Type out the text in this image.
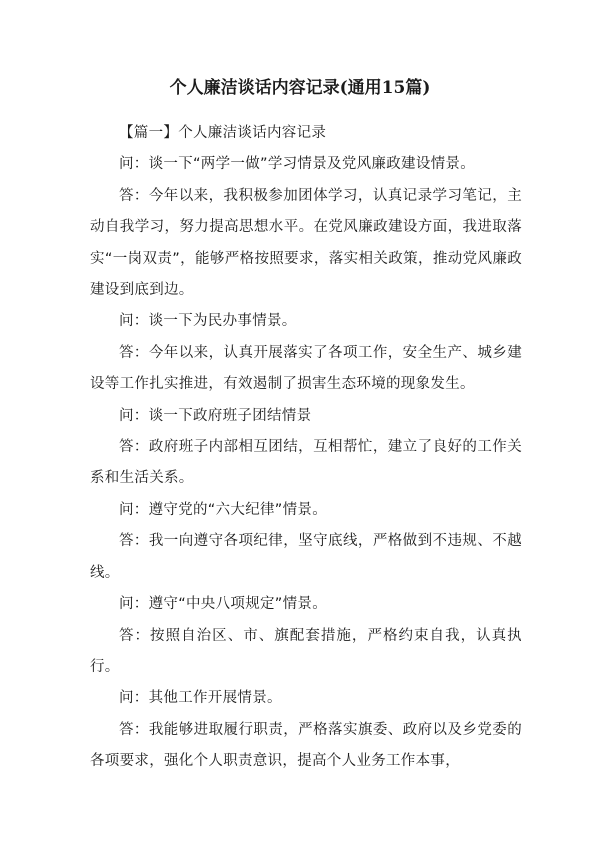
个人廉洁谈话内容记录(通用15篇)

【篇一】个人廉洁谈话内容记录

问：谈一下“两学一做”学习情景及党风廉政建设情景。

答：今年以来，我积极参加团体学习，认真记录学习笔记，主动自我学习，努力提高思想水平。在党风廉政建设方面，我进取落实“一岗双责”，能够严格按照要求，落实相关政策，推动党风廉政建设到底到边。

问：谈一下为民办事情景。

答：今年以来，认真开展落实了各项工作，安全生产、城乡建设等工作扎实推进，有效遏制了损害生态环境的现象发生。

问：谈一下政府班子团结情景

答：政府班子内部相互团结，互相帮忙，建立了良好的工作关系和生活关系。

问：遵守党的“六大纪律”情景。

答：我一向遵守各项纪律，坚守底线，严格做到不违规、不越线。

问：遵守“中央八项规定”情景。

答：按照自治区、市、旗配套措施，严格约束自我，认真执行。

问：其他工作开展情景。

答：我能够进取履行职责，严格落实旗委、政府以及乡党委的各项要求，强化个人职责意识，提高个人业务工作本事，
